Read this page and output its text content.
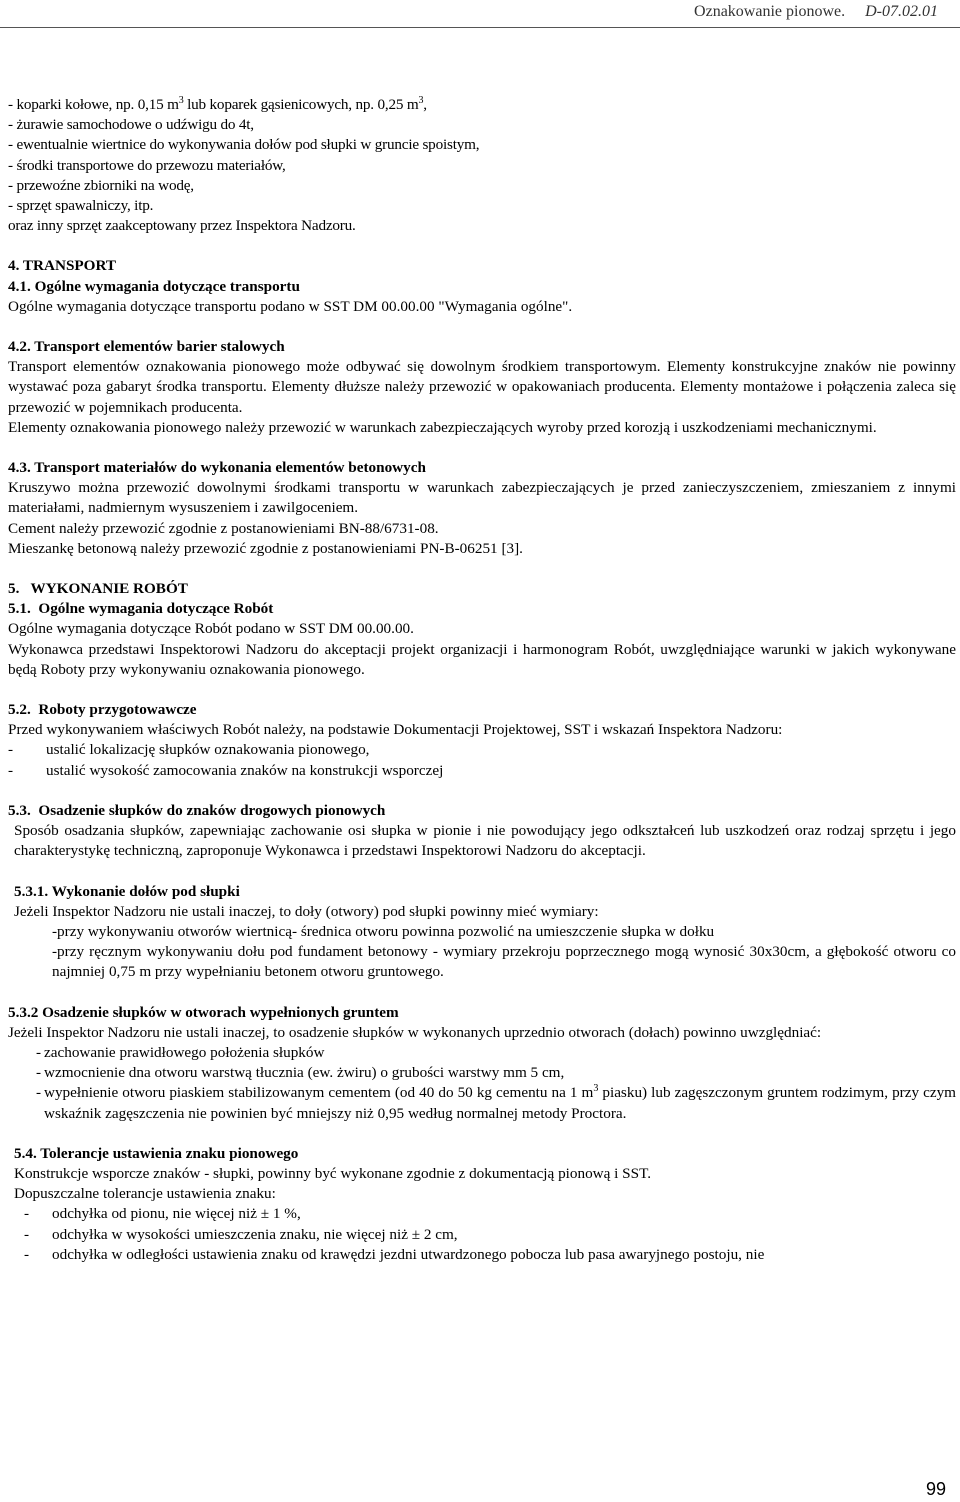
Oznakowanie pionowe. D-07.02.01
- koparki kołowe, np. 0,15 $m^3$ lub koparek gąsienicowych, np. 0,25 $m^3$,
- żurawie samochodowe o udźwigu do 4t,
- ewentualnie wiertnice do wykonywania dołów pod słupki w gruncie spoistym,
- środki transportowe do przewozu materiałów,
- przewoźne zbiorniki na wodę,
- sprzęt spawalniczy, itp.
oraz inny sprzęt zaakceptowany przez Inspektora Nadzoru.
4. TRANSPORT
4.1. Ogólne wymagania dotyczące transportu
Ogólne wymagania dotyczące transportu podano w SST DM 00.00.00 "Wymagania ogólne".
4.2. Transport elementów barier stalowych
Transport elementów oznakowania pionowego może odbywać się dowolnym środkiem transportowym. Elementy konstrukcyjne znaków nie powinny wystawać poza gabaryt środka transportu. Elementy dłuższe należy przewozić w opakowaniach producenta. Elementy montażowe i połączenia zaleca się przewozić w pojemnikach producenta.
Elementy oznakowania pionowego należy przewozić w warunkach zabezpieczających wyroby przed korozją i uszkodzeniami mechanicznymi.
4.3. Transport materiałów do wykonania elementów betonowych
Kruszywo można przewozić dowolnymi środkami transportu w warunkach zabezpieczających je przed zanieczyszczeniem, zmieszaniem z innymi materiałami, nadmiernym wysuszeniem i zawilgoceniem.
Cement należy przewozić zgodnie z postanowieniami BN-88/6731-08.
Mieszankę betonową należy przewozić zgodnie z postanowieniami PN-B-06251 [3].
5.   WYKONANIE ROBÓT
5.1.  Ogólne wymagania dotyczące Robót
Ogólne wymagania dotyczące Robót podano w SST DM 00.00.00.
Wykonawca przedstawi Inspektorowi Nadzoru do akceptacji projekt organizacji i harmonogram Robót, uwzględniające warunki w jakich wykonywane będą Roboty przy wykonywaniu oznakowania pionowego.
5.2.  Roboty przygotowawcze
Przed wykonywaniem właściwych Robót należy, na podstawie Dokumentacji Projektowej, SST i wskazań Inspektora Nadzoru:
- ustalić lokalizację słupków oznakowania pionowego,
- ustalić wysokość zamocowania znaków na konstrukcji wsporczej
5.3.  Osadzenie słupków do znaków drogowych pionowych
Sposób osadzania słupków, zapewniając zachowanie osi słupka w pionie i nie powodujący jego odkształceń lub uszkodzeń oraz rodzaj sprzętu i jego charakterystykę techniczną, zaproponuje Wykonawca i przedstawi Inspektorowi Nadzoru do akceptacji.
5.3.1. Wykonanie dołów pod słupki
Jeżeli Inspektor Nadzoru nie ustali inaczej, to doły (otwory) pod słupki powinny mieć wymiary:
-przy wykonywaniu otworów wiertnicą- średnica otworu powinna pozwolić na umieszczenie słupka w dołku
-przy ręcznym wykonywaniu dołu pod fundament betonowy - wymiary przekroju poprzecznego mogą wynosić 30x30cm, a głębokość otworu co najmniej 0,75 m przy wypełnianiu betonem otworu gruntowego.
5.3.2 Osadzenie słupków w otworach wypełnionych gruntem
Jeżeli Inspektor Nadzoru nie ustali inaczej, to osadzenie słupków w wykonanych uprzednio otworach (dołach) powinno uwzględniać:
- zachowanie prawidłowego położenia słupków
- wzmocnienie dna otworu warstwą tłucznia (ew. żwiru) o grubości warstwy mm 5 cm,
- wypełnienie otworu piaskiem stabilizowanym cementem (od 40 do 50 kg cementu na 1 $m^3$ piasku) lub zagęszczonym gruntem rodzimym, przy czym wskaźnik zagęszczenia nie powinien być mniejszy niż 0,95 według normalnej metody Proctora.
5.4. Tolerancje ustawienia znaku pionowego
Konstrukcje wsporcze znaków - słupki, powinny być wykonane zgodnie z dokumentacją pionową i SST.
Dopuszczalne tolerancje ustawienia znaku:
- odchyłka od pionu, nie więcej niż ± 1 %,
- odchyłka w wysokości umieszczenia znaku, nie więcej niż ± 2 cm,
- odchyłka w odległości ustawienia znaku od krawędzi jezdni utwardzonego pobocza lub pasa awaryjnego postoju, nie
99
